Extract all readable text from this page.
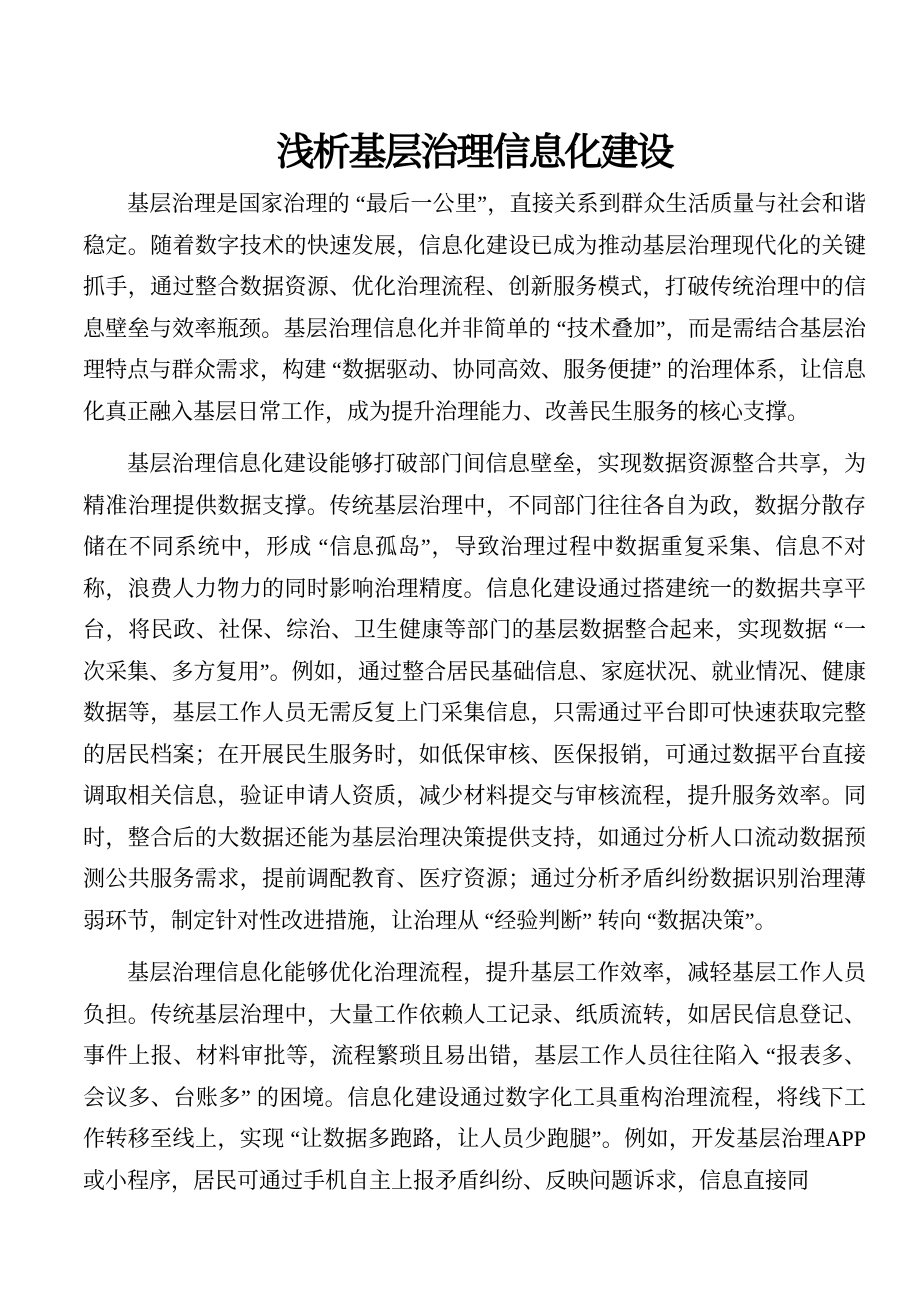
浅析基层治理信息化建设

基层治理是国家治理的 “最后一公里”，直接关系到群众生活质量与社会和谐稳定。随着数字技术的快速发展，信息化建设已成为推动基层治理现代化的关键抓手，通过整合数据资源、优化治理流程、创新服务模式，打破传统治理中的信息壁垒与效率瓶颈。基层治理信息化并非简单的 “技术叠加”，而是需结合基层治理特点与群众需求，构建 “数据驱动、协同高效、服务便捷” 的治理体系，让信息化真正融入基层日常工作，成为提升治理能力、改善民生服务的核心支撑。

基层治理信息化建设能够打破部门间信息壁垒，实现数据资源整合共享，为精准治理提供数据支撑。传统基层治理中，不同部门往往各自为政，数据分散存储在不同系统中，形成 “信息孤岛”，导致治理过程中数据重复采集、信息不对称，浪费人力物力的同时影响治理精度。信息化建设通过搭建统一的数据共享平台，将民政、社保、综治、卫生健康等部门的基层数据整合起来，实现数据 “一次采集、多方复用”。例如，通过整合居民基础信息、家庭状况、就业情况、健康数据等，基层工作人员无需反复上门采集信息，只需通过平台即可快速获取完整的居民档案；在开展民生服务时，如低保审核、医保报销，可通过数据平台直接调取相关信息，验证申请人资质，减少材料提交与审核流程，提升服务效率。同时，整合后的大数据还能为基层治理决策提供支持，如通过分析人口流动数据预测公共服务需求，提前调配教育、医疗资源；通过分析矛盾纠纷数据识别治理薄弱环节，制定针对性改进措施，让治理从 “经验判断” 转向 “数据决策”。

基层治理信息化能够优化治理流程，提升基层工作效率，减轻基层工作人员负担。传统基层治理中，大量工作依赖人工记录、纸质流转，如居民信息登记、事件上报、材料审批等，流程繁琐且易出错，基层工作人员往往陷入 “报表多、会议多、台账多” 的困境。信息化建设通过数字化工具重构治理流程，将线下工作转移至线上，实现 “让数据多跑路，让人员少跑腿”。例如，开发基层治理APP 或小程序，居民可通过手机自主上报矛盾纠纷、反映问题诉求，信息直接同
